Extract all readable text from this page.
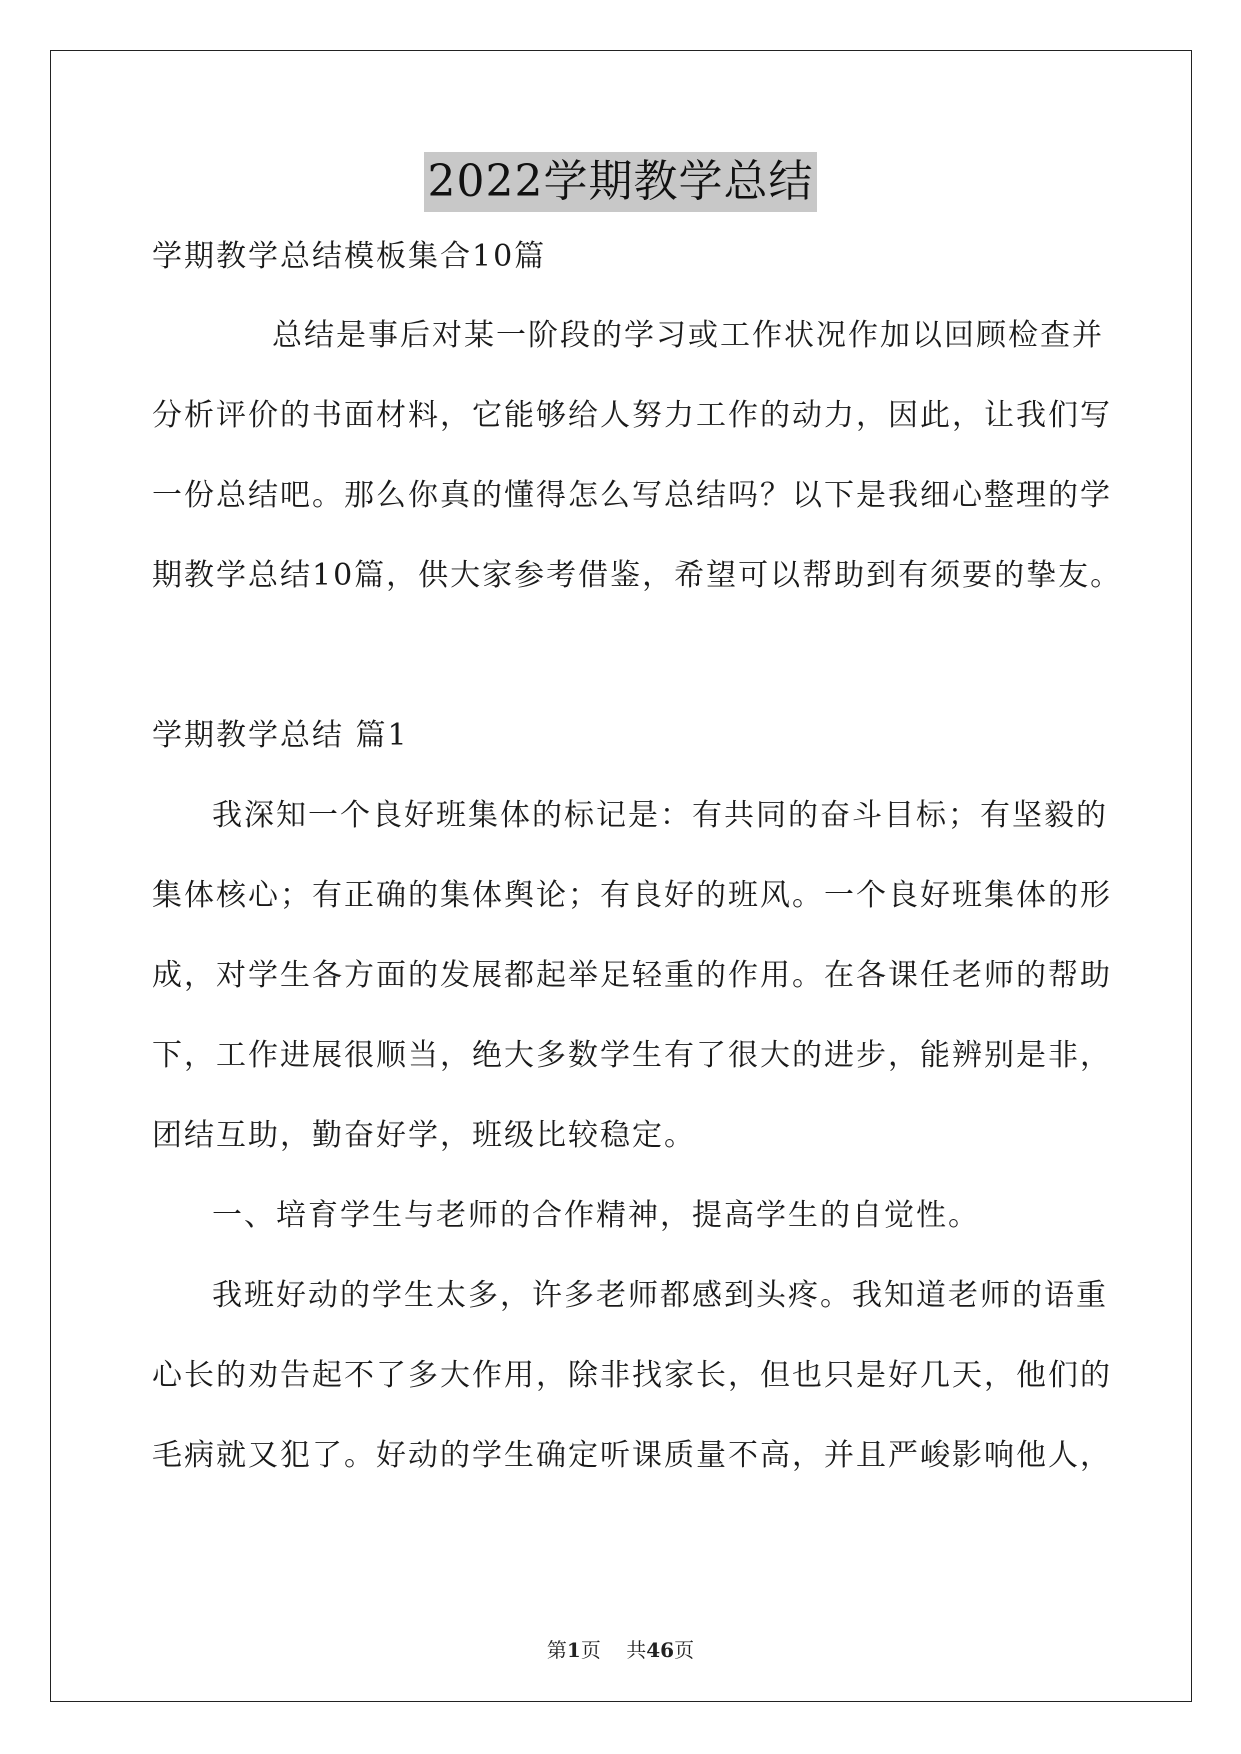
2022学期教学总结
学期教学总结模板集合10篇
总结是事后对某一阶段的学习或工作状况作加以回顾检查并
分析评价的书面材料，它能够给人努力工作的动力，因此，让我们写
一份总结吧。那么你真的懂得怎么写总结吗？以下是我细心整理的学
期教学总结10篇，供大家参考借鉴，希望可以帮助到有须要的挚友。
学期教学总结 篇1
我深知一个良好班集体的标记是：有共同的奋斗目标；有坚毅的
集体核心；有正确的集体舆论；有良好的班风。一个良好班集体的形
成，对学生各方面的发展都起举足轻重的作用。在各课任老师的帮助
下，工作进展很顺当，绝大多数学生有了很大的进步，能辨别是非，
团结互助，勤奋好学，班级比较稳定。
一、培育学生与老师的合作精神，提高学生的自觉性。
我班好动的学生太多，许多老师都感到头疼。我知道老师的语重
心长的劝告起不了多大作用，除非找家长，但也只是好几天，他们的
毛病就又犯了。好动的学生确定听课质量不高，并且严峻影响他人，
第1页    共46页
